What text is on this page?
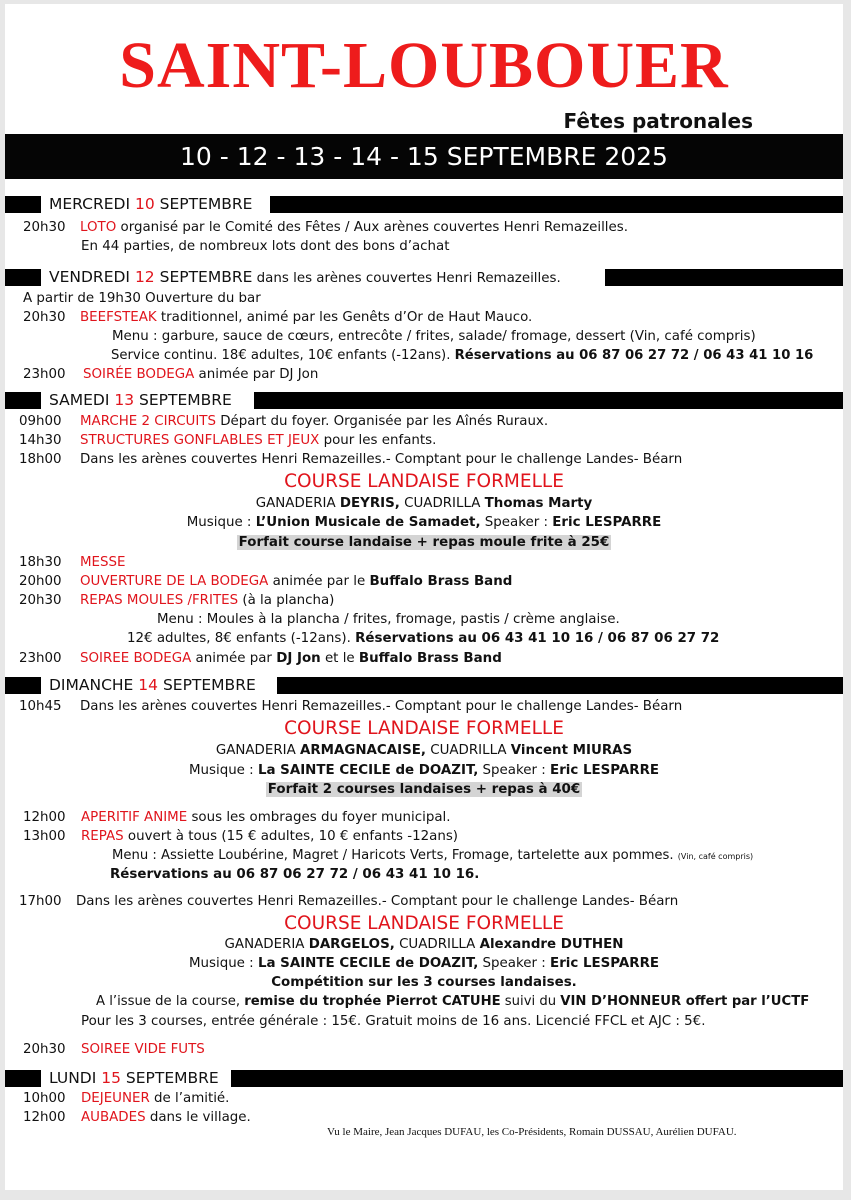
SAINT-LOUBOUER
Fêtes patronales
10 - 12 - 13 - 14 - 15 SEPTEMBRE 2025
MERCREDI 10 SEPTEMBRE
20h30 LOTO organisé par le Comité des Fêtes / Aux arènes couvertes Henri Remazeilles.
En 44 parties, de nombreux lots dont des bons d’achat
VENDREDI 12 SEPTEMBRE dans les arènes couvertes Henri Remazeilles.
A partir de 19h30 Ouverture du bar
20h30 BEEFSTEAK traditionnel, animé par les Genêts d’Or de Haut Mauco.
Menu : garbure, sauce de cœurs, entrecôte / frites, salade/ fromage, dessert (Vin, café compris)
Service continu. 18€ adultes, 10€ enfants (-12ans). Réservations au 06 87 06 27 72 / 06 43 41 10 16
23h00 SOIRÉE BODEGA animée par DJ Jon
SAMEDI 13 SEPTEMBRE
09h00 MARCHE 2 CIRCUITS Départ du foyer. Organisée par les Aînés Ruraux.
14h30 STRUCTURES GONFLABLES ET JEUX pour les enfants.
18h00 Dans les arènes couvertes Henri Remazeilles.- Comptant pour le challenge Landes- Béarn
COURSE LANDAISE FORMELLE
GANADERIA DEYRIS, CUADRILLA Thomas Marty
Musique : L’Union Musicale de Samadet, Speaker : Eric LESPARRE
Forfait course landaise + repas moule frite à 25€
18h30 MESSE
20h00 OUVERTURE DE LA BODEGA animée par le Buffalo Brass Band
20h30 REPAS MOULES /FRITES (à la plancha)
Menu : Moules à la plancha / frites, fromage, pastis / crème anglaise.
12€ adultes, 8€ enfants (-12ans). Réservations au 06 43 41 10 16 / 06 87 06 27 72
23h00 SOIREE BODEGA animée par DJ Jon et le Buffalo Brass Band
DIMANCHE 14 SEPTEMBRE
10h45 Dans les arènes couvertes Henri Remazeilles.- Comptant pour le challenge Landes- Béarn
COURSE LANDAISE FORMELLE
GANADERIA ARMAGNACAISE, CUADRILLA Vincent MIURAS
Musique : La SAINTE CECILE de DOAZIT, Speaker : Eric LESPARRE
Forfait 2 courses landaises + repas à 40€
12h00 APERITIF ANIME sous les ombrages du foyer municipal.
13h00 REPAS ouvert à tous (15 € adultes, 10 € enfants -12ans)
Menu : Assiette Loubérine, Magret / Haricots Verts, Fromage, tartelette aux pommes. (Vin, café compris)
Réservations au 06 87 06 27 72 / 06 43 41 10 16.
17h00 Dans les arènes couvertes Henri Remazeilles.- Comptant pour le challenge Landes- Béarn
COURSE LANDAISE FORMELLE
GANADERIA DARGELOS, CUADRILLA Alexandre DUTHEN
Musique : La SAINTE CECILE de DOAZIT, Speaker : Eric LESPARRE
Compétition sur les 3 courses landaises.
A l’issue de la course, remise du trophée Pierrot CATUHE suivi du VIN D’HONNEUR offert par l’UCTF
Pour les 3 courses, entrée générale : 15€. Gratuit moins de 16 ans. Licencié FFCL et AJC : 5€.
20h30 SOIREE VIDE FUTS
LUNDI 15 SEPTEMBRE
10h00 DEJEUNER de l’amitié.
12h00 AUBADES dans le village.
Vu le Maire, Jean Jacques DUFAU, les Co-Présidents, Romain DUSSAU, Aurélien DUFAU.
